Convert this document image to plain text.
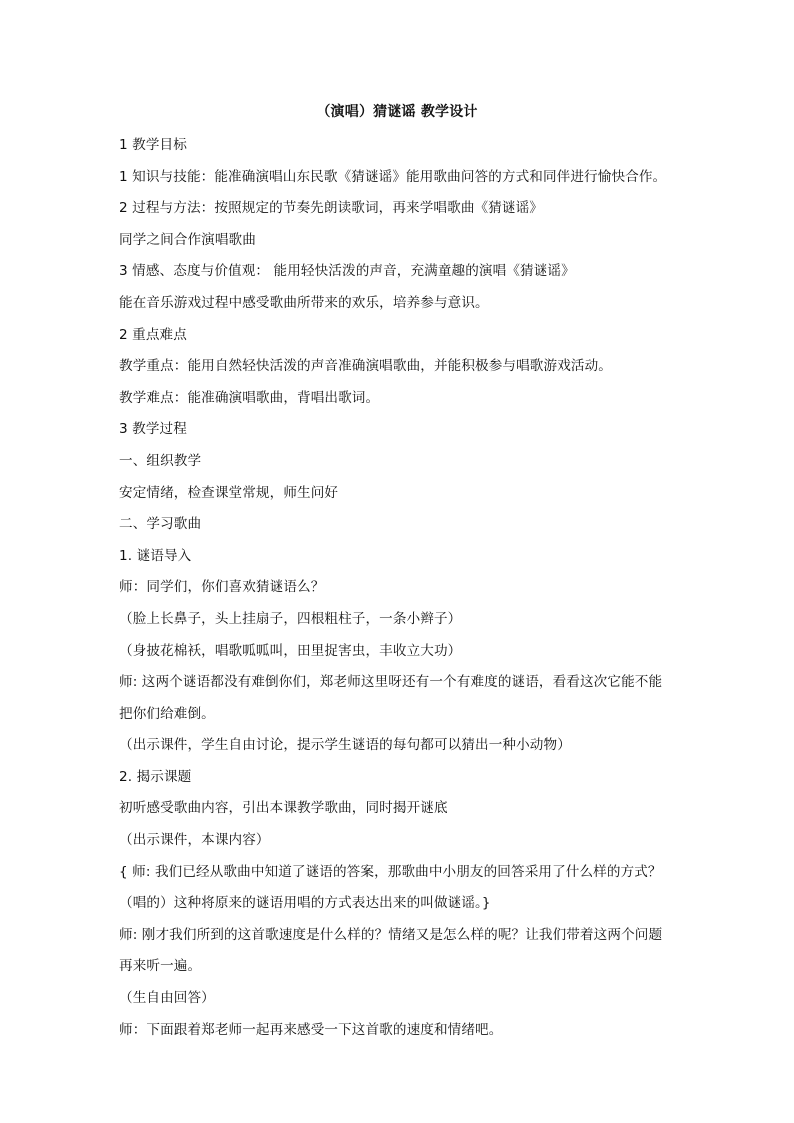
（演唱）猜谜谣 教学设计

1 教学目标

1 知识与技能：能准确演唱山东民歌《猜谜谣》能用歌曲问答的方式和同伴进行愉快合作。

2 过程与方法：按照规定的节奏先朗读歌词，再来学唱歌曲《猜谜谣》

同学之间合作演唱歌曲

3 情感、态度与价值观： 能用轻快活泼的声音，充满童趣的演唱《猜谜谣》

能在音乐游戏过程中感受歌曲所带来的欢乐，培养参与意识。

2 重点难点

教学重点：能用自然轻快活泼的声音准确演唱歌曲，并能积极参与唱歌游戏活动。

教学难点：能准确演唱歌曲，背唱出歌词。

3 教学过程

一、组织教学

安定情绪，检查课堂常规，师生问好

二、学习歌曲

1. 谜语导入

师：同学们，你们喜欢猜谜语么？

（脸上长鼻子，头上挂扇子，四根粗柱子，一条小辫子）

（身披花棉袄，唱歌呱呱叫，田里捉害虫，丰收立大功）

师: 这两个谜语都没有难倒你们，郑老师这里呀还有一个有难度的谜语，看看这次它能不能

把你们给难倒。

（出示课件，学生自由讨论，提示学生谜语的每句都可以猜出一种小动物）

2. 揭示课题

初听感受歌曲内容，引出本课教学歌曲，同时揭开谜底

（出示课件，本课内容）

{ 师: 我们已经从歌曲中知道了谜语的答案，那歌曲中小朋友的回答采用了什么样的方式？

（唱的）这种将原来的谜语用唱的方式表达出来的叫做谜谣。}

师: 刚才我们所到的这首歌速度是什么样的？情绪又是怎么样的呢？让我们带着这两个问题

再来听一遍。

（生自由回答）

师：下面跟着郑老师一起再来感受一下这首歌的速度和情绪吧。
